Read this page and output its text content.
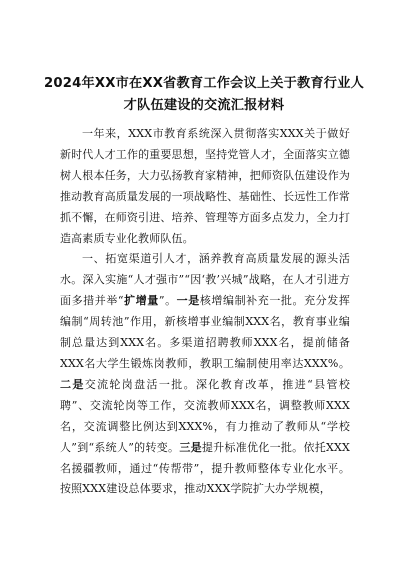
2024年XX市在XX省教育工作会议上关于教育行业人才队伍建设的交流汇报材料

一年来，XXX市教育系统深入贯彻落实XXX关于做好新时代人才工作的重要思想，坚持党管人才，全面落实立德树人根本任务，大力弘扬教育家精神，把师资队伍建设作为推动教育高质量发展的一项战略性、基础性、长远性工作常抓不懈，在师资引进、培养、管理等方面多点发力，全力打造高素质专业化教师队伍。

一、拓宽渠道引人才，涵养教育高质量发展的源头活水。深入实施“人才强市”“因‘教’兴城”战略，在人才引进方面多措并举“扩增量”。一是核增编制补充一批。充分发挥编制“周转池”作用，新核增事业编制XXX名，教育事业编制总量达到XXX名。多渠道招聘教师XXX名，提前储备XXX名大学生锻炼岗教师，教职工编制使用率达XXX%。二是交流轮岗盘活一批。深化教育改革，推进“县管校聘”、交流轮岗等工作，交流教师XXX名，调整教师XXX名，交流调整比例达到XXX%，有力推动了教师从“学校人”到“系统人”的转变。三是提升标准优化一批。依托XXX名援疆教师，通过“传帮带”，提升教师整体专业化水平。按照XXX建设总体要求，推动XXX学院扩大办学规模，
